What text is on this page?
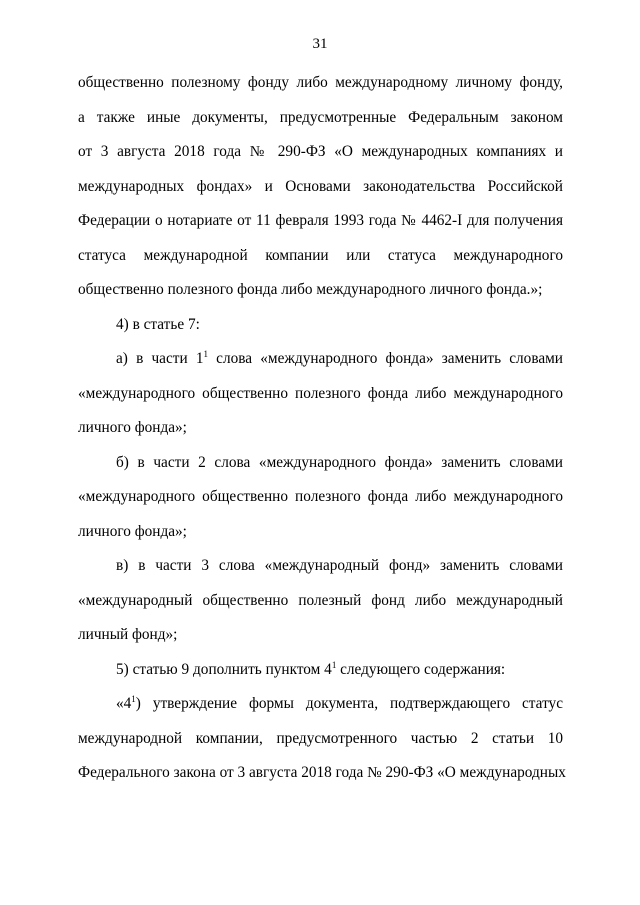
31
общественно полезному фонду либо международному личному фонду,
а также иные документы, предусмотренные Федеральным законом
от 3 августа 2018 года № 290-ФЗ «О международных компаниях и
международных фондах» и Основами законодательства Российской
Федерации о нотариате от 11 февраля 1993 года № 4462-I для получения
статуса международной компании или статуса международного
общественно полезного фонда либо международного личного фонда.»;
4) в статье 7:
а) в части $1^1$ слова «международного фонда» заменить словами
«международного общественно полезного фонда либо международного
личного фонда»;
б) в части 2 слова «международного фонда» заменить словами
«международного общественно полезного фонда либо международного
личного фонда»;
в) в части 3 слова «международный фонд» заменить словами
«международный общественно полезный фонд либо международный
личный фонд»;
5) статью 9 дополнить пунктом $4^1$ следующего содержания:
«$4^1$) утверждение формы документа, подтверждающего статус
международной компании, предусмотренного частью 2 статьи 10
Федерального закона от 3 августа 2018 года № 290-ФЗ «О международных
